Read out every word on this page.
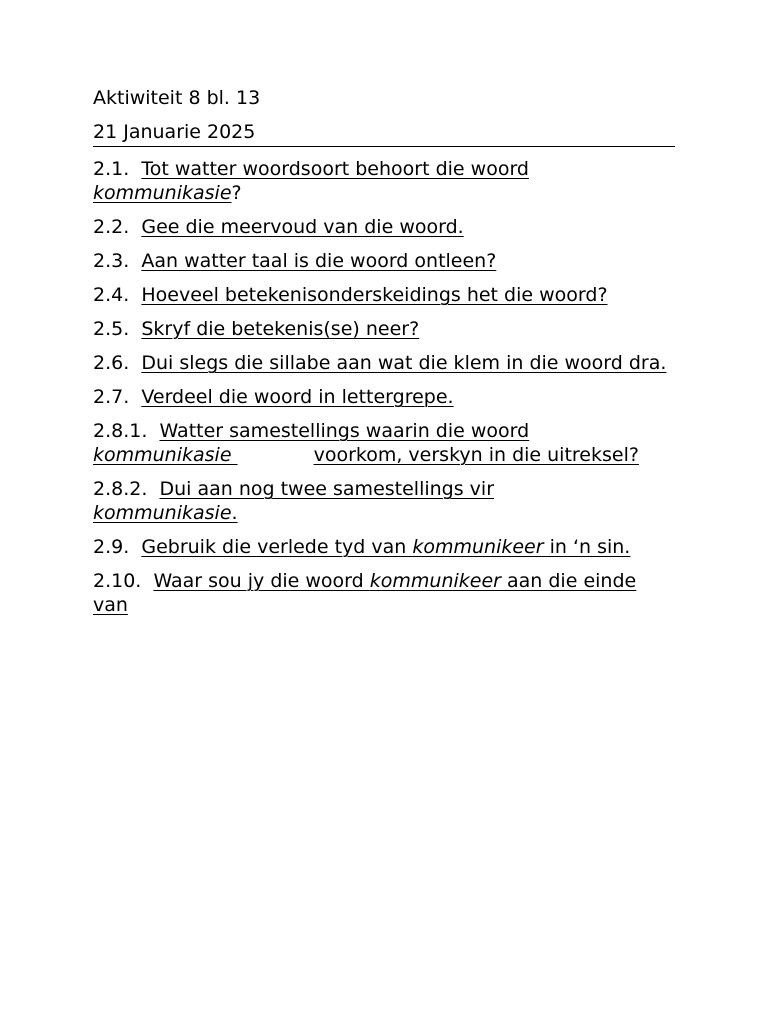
Aktiwiteit 8 bl. 13

21 Januarie 2025

2.1. Tot watter woordsoort behoort die woord
kommunikasie?

2.2. Gee die meervoud van die woord.

2.3. Aan watter taal is die woord ontleen?

2.4. Hoeveel betekenisonderskeidings het die woord?

2.5. Skryf die betekenis(se) neer?

2.6. Dui slegs die sillabe aan wat die klem in die woord dra.

2.7. Verdeel die woord in lettergrepe.

2.8.1. Watter samestellings waarin die woord
kommunikasie	voorkom, verskyn in die uitreksel?

2.8.2. Dui aan nog twee samestellings vir
kommunikasie.

2.9. Gebruik die verlede tyd van kommunikeer in ‘n sin.

2.10. Waar sou jy die woord kommunikeer aan die einde van
